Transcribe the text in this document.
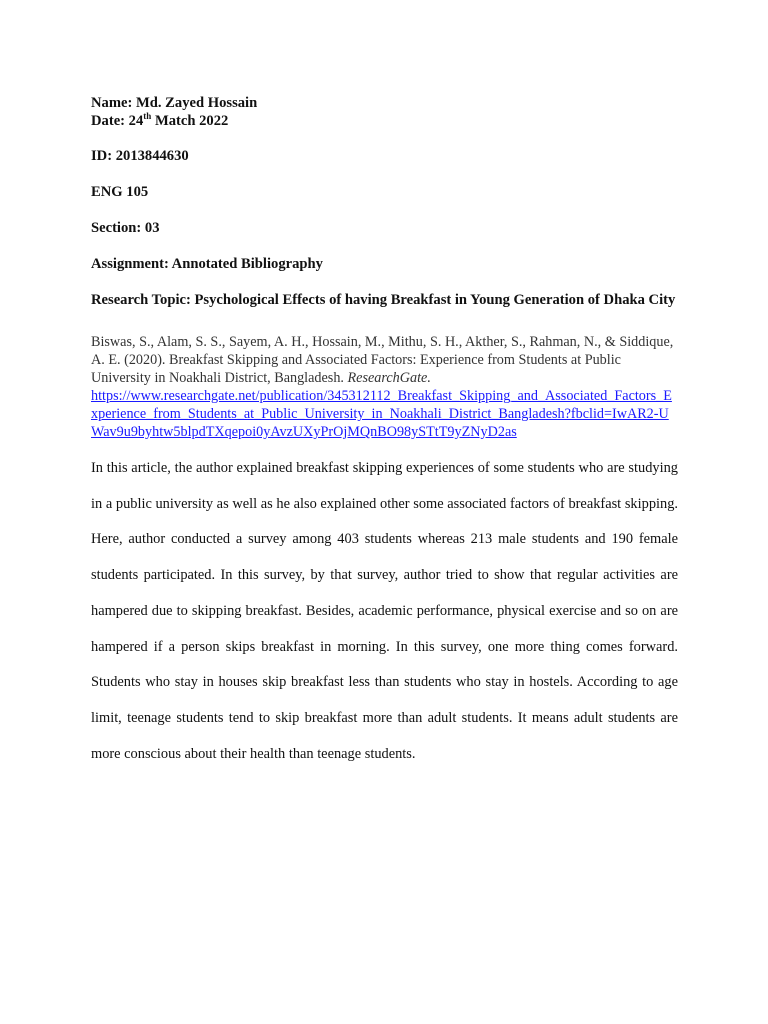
Name: Md. Zayed Hossain

Date: 24th Match 2022

ID: 2013844630

ENG 105

Section: 03

Assignment: Annotated Bibliography

Research Topic: Psychological Effects of having Breakfast in Young Generation of Dhaka City

Biswas, S., Alam, S. S., Sayem, A. H., Hossain, M., Mithu, S. H., Akther, S., Rahman, N., & Siddique, A. E. (2020). Breakfast Skipping and Associated Factors: Experience from Students at Public University in Noakhali District, Bangladesh. ResearchGate.
https://www.researchgate.net/publication/345312112_Breakfast_Skipping_and_Associated_Factors_Experience_from_Students_at_Public_University_in_Noakhali_District_Bangladesh?fbclid=IwAR2-UWav9u9byhtw5blpdTXqepoi0yAvzUXyPrOjMQnBO98ySTtT9yZNyD2as

In this article, the author explained breakfast skipping experiences of some students who are studying in a public university as well as he also explained other some associated factors of breakfast skipping. Here, author conducted a survey among 403 students whereas 213 male students and 190 female students participated. In this survey, by that survey, author tried to show that regular activities are hampered due to skipping breakfast. Besides, academic performance, physical exercise and so on are hampered if a person skips breakfast in morning. In this survey, one more thing comes forward. Students who stay in houses skip breakfast less than students who stay in hostels. According to age limit, teenage students tend to skip breakfast more than adult students. It means adult students are more conscious about their health than teenage students.
